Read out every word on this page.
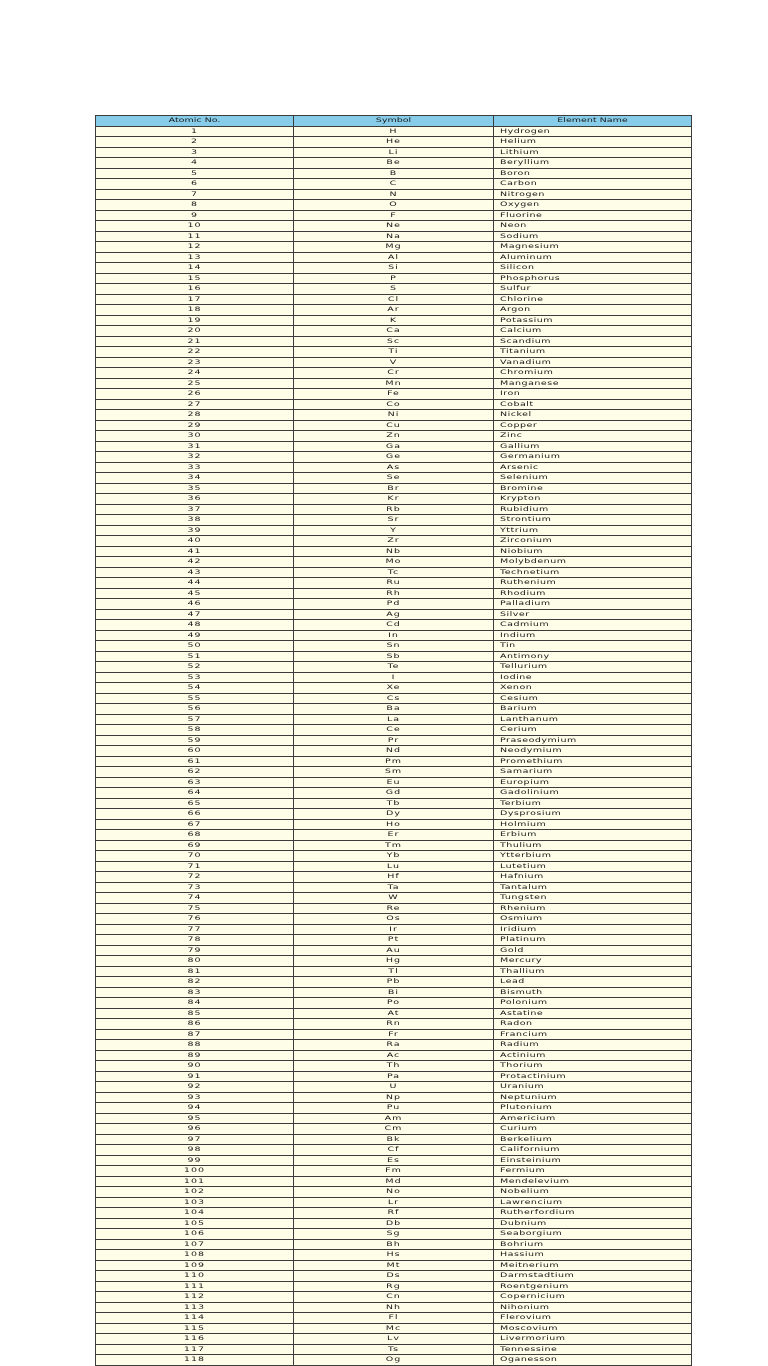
Atomic No.	Symbol	Element Name

1	H	Hydrogen

2	He	Helium

3	Li	Lithium

4	Be	Beryllium

5	B	Boron

6	C	Carbon

7	N	Nitrogen

8	O	Oxygen

9	F	Fluorine

10	Ne	Neon

11	Na	Sodium

12	Mg	Magnesium

13	Al	Aluminum

14	Si	Silicon

15	P	Phosphorus

16	S	Sulfur

17	Cl	Chlorine

18	Ar	Argon

19	K	Potassium

20	Ca	Calcium

21	Sc	Scandium

22	Ti	Titanium

23	V	Vanadium

24	Cr	Chromium

25	Mn	Manganese

26	Fe	Iron

27	Co	Cobalt

28	Ni	Nickel

29	Cu	Copper

30	Zn	Zinc

31	Ga	Gallium

32	Ge	Germanium

33	As	Arsenic

34	Se	Selenium

35	Br	Bromine

36	Kr	Krypton

37	Rb	Rubidium

38	Sr	Strontium

39	Y	Yttrium

40	Zr	Zirconium

41	Nb	Niobium

42	Mo	Molybdenum

43	Tc	Technetium

44	Ru	Ruthenium

45	Rh	Rhodium

46	Pd	Palladium

47	Ag	Silver

48	Cd	Cadmium

49	In	Indium

50	Sn	Tin

51	Sb	Antimony

52	Te	Tellurium

53	I	Iodine

54	Xe	Xenon

55	Cs	Cesium

56	Ba	Barium

57	La	Lanthanum

58	Ce	Cerium

59	Pr	Praseodymium

60	Nd	Neodymium

61	Pm	Promethium

62	Sm	Samarium

63	Eu	Europium

64	Gd	Gadolinium

65	Tb	Terbium

66	Dy	Dysprosium

67	Ho	Holmium

68	Er	Erbium

69	Tm	Thulium

70	Yb	Ytterbium

71	Lu	Lutetium

72	Hf	Hafnium

73	Ta	Tantalum

74	W	Tungsten

75	Re	Rhenium

76	Os	Osmium

77	Ir	Iridium

78	Pt	Platinum

79	Au	Gold

80	Hg	Mercury

81	Tl	Thallium

82	Pb	Lead

83	Bi	Bismuth

84	Po	Polonium

85	At	Astatine

86	Rn	Radon

87	Fr	Francium

88	Ra	Radium

89	Ac	Actinium

90	Th	Thorium

91	Pa	Protactinium

92	U	Uranium

93	Np	Neptunium

94	Pu	Plutonium

95	Am	Americium

96	Cm	Curium

97	Bk	Berkelium

98	Cf	Californium

99	Es	Einsteinium

100	Fm	Fermium

101	Md	Mendelevium

102	No	Nobelium

103	Lr	Lawrencium

104	Rf	Rutherfordium

105	Db	Dubnium

106	Sg	Seaborgium

107	Bh	Bohrium

108	Hs	Hassium

109	Mt	Meitnerium

110	Ds	Darmstadtium

111	Rg	Roentgenium

112	Cn	Copernicium

113	Nh	Nihonium

114	Fl	Flerovium

115	Mc	Moscovium

116	Lv	Livermorium

117	Ts	Tennessine

118	Og	Oganesson
